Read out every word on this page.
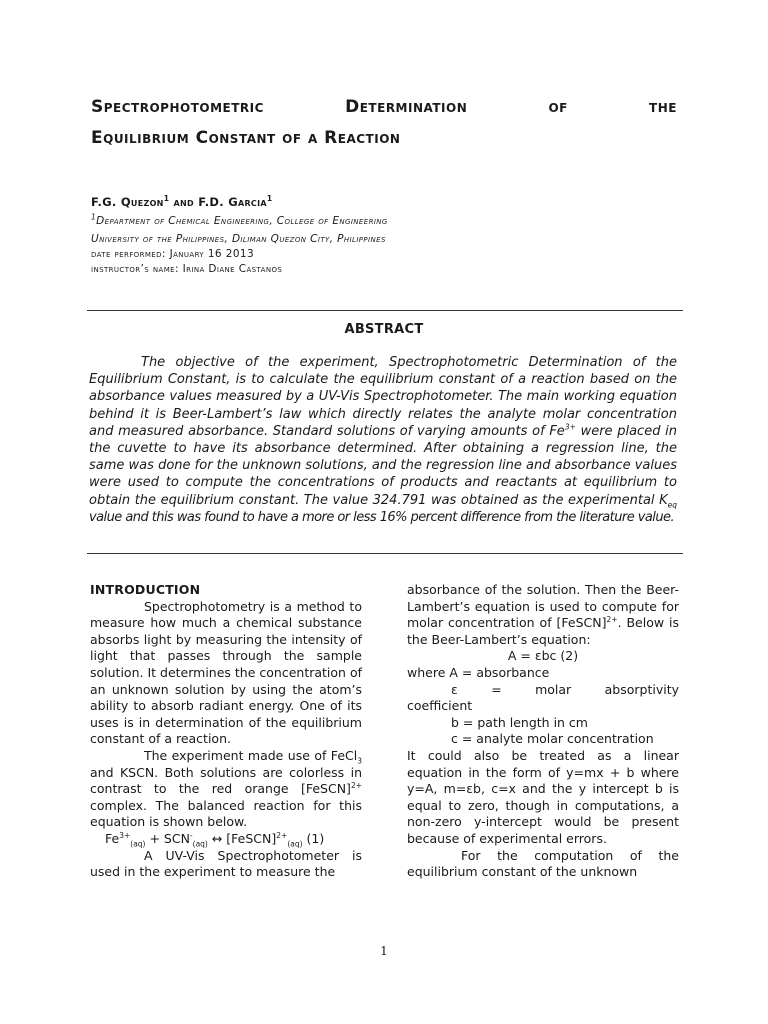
Spectrophotometric	Determination	of	the
Equilibrium Constant of a Reaction
F.G. Quezon$^1$ and F.D. Garcia$^1$
$^1$Department of Chemical Engineering, College of Engineering
University of the Philippines, Diliman Quezon City, Philippines
date performed: January 16 2013
instructor’s name: Irina Diane Castanos
ABSTRACT

The objective of the experiment, Spectrophotometric Determination of the Equilibrium Constant, is to calculate the equilibrium constant of a reaction based on the absorbance values measured by a UV-Vis Spectrophotometer. The main working equation behind it is Beer-Lambert’s law which directly relates the analyte molar concentration and measured absorbance. Standard solutions of varying amounts of $Fe^{3+}$ were placed in the cuvette to have its absorbance determined. After obtaining a regression line, the same was done for the unknown solutions, and the regression line and absorbance values were used to compute the concentrations of products and reactants at equilibrium to obtain the equilibrium constant. The value 324.791 was obtained as the experimental $K_{eq}$ value and this was found to have a more or less 16% percent difference from the literature value.

INTRODUCTION

Spectrophotometry is a method to measure how much a chemical substance absorbs light by measuring the intensity of light that passes through the sample solution. It determines the concentration of an unknown solution by using the atom’s ability to absorb radiant energy. One of its uses is in determination of the equilibrium constant of a reaction.

The experiment made use of FeCl$_3$ and KSCN. Both solutions are colorless in contrast to the red orange [FeSCN]$^{2+}$ complex. The balanced reaction for this equation is shown below.

$Fe^{3+}_{(aq)} + SCN^-_{(aq)}$ ↔ [FeSCN]$^{2+}_{(aq)}$ (1)

A UV-Vis Spectrophotometer is used in the experiment to measure the

absorbance of the solution. Then the Beer-Lambert’s equation is used to compute for molar concentration of [FeSCN]$^{2+}$. Below is the Beer-Lambert’s equation:

A = εbc (2)

where A = absorbance

ε	=	molar	absorptivity

coefficient

b = path length in cm

c = analyte molar concentration

It could also be treated as a linear equation in the form of y=mx + b where y=A, m=εb, c=x and the y intercept b is equal to zero, though in computations, a non-zero y-intercept would be present because of experimental errors.

For the computation of the equilibrium constant of the unknown

1
